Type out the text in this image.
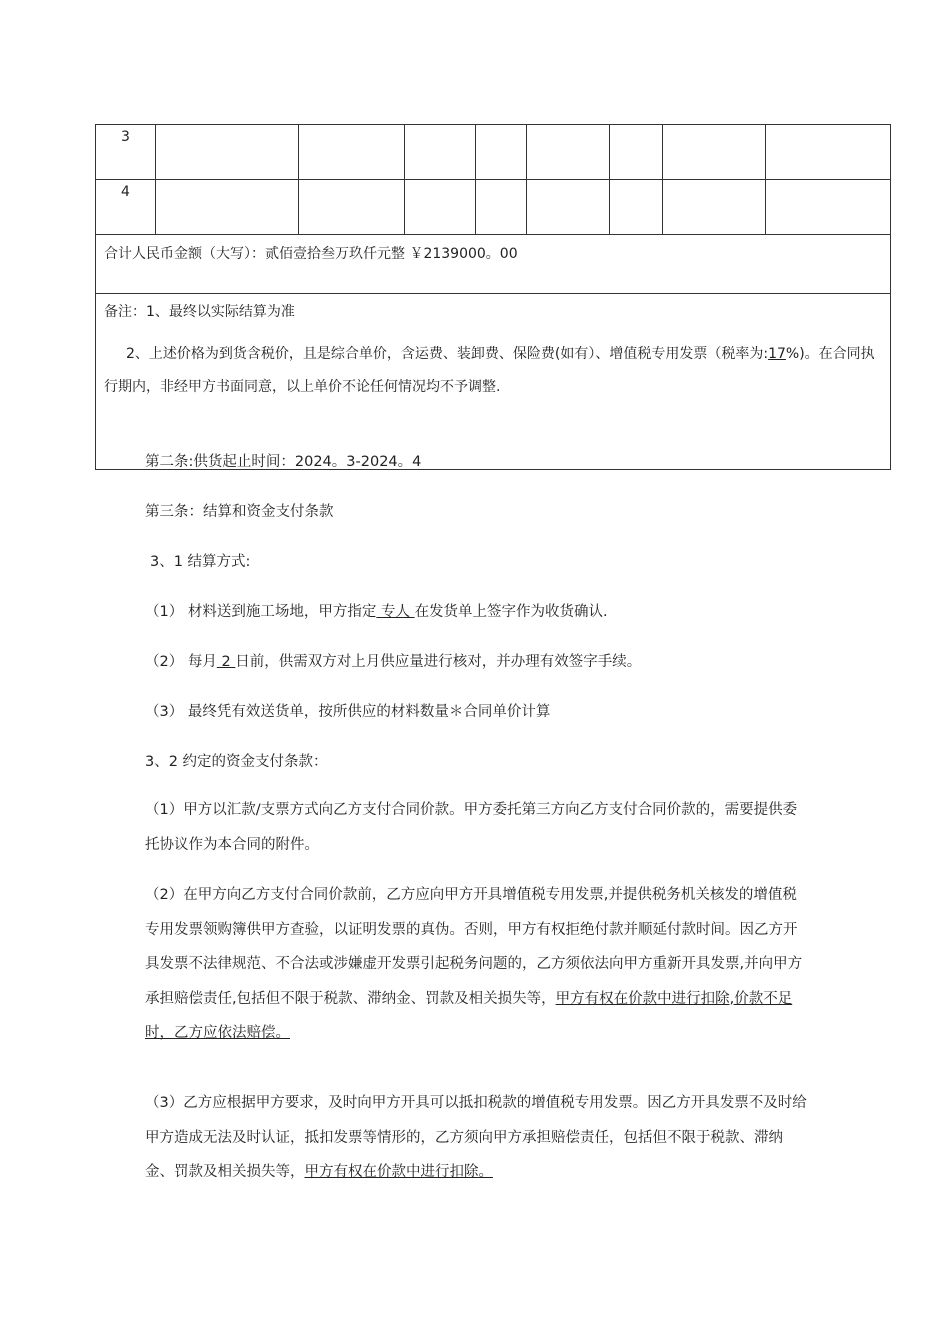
3								
4								
合计人民币金额（大写）：贰佰壹拾叁万玖仟元整 ￥2139000。00								

备注：1、最终以实际结算为准
2、上述价格为到货含税价，且是综合单价，含运费、装卸费、保险费(如有）、增值税专用发票（税率为:17%)。在合同执行期内，非经甲方书面同意，以上单价不论任何情况均不予调整.								
第二条:供货起止时间：2024。3-2024。4
第三条：结算和资金支付条款
3、1 结算方式:
（1） 材料送到施工场地，甲方指定 专人 在发货单上签字作为收货确认.
（2） 每月 2 日前，供需双方对上月供应量进行核对，并办理有效签字手续。
（3） 最终凭有效送货单，按所供应的材料数量＊合同单价计算
3、2 约定的资金支付条款：
（1）甲方以汇款/支票方式向乙方支付合同价款。甲方委托第三方向乙方支付合同价款的，需要提供委托协议作为本合同的附件。
（2）在甲方向乙方支付合同价款前，乙方应向甲方开具增值税专用发票,并提供税务机关核发的增值税专用发票领购簿供甲方查验，以证明发票的真伪。否则，甲方有权拒绝付款并顺延付款时间。因乙方开具发票不法律规范、不合法或涉嫌虚开发票引起税务问题的，乙方须依法向甲方重新开具发票,并向甲方承担赔偿责任,包括但不限于税款、滞纳金、罚款及相关损失等，甲方有权在价款中进行扣除,价款不足时，乙方应依法赔偿。
（3）乙方应根据甲方要求，及时向甲方开具可以抵扣税款的增值税专用发票。因乙方开具发票不及时给甲方造成无法及时认证，抵扣发票等情形的，乙方须向甲方承担赔偿责任，包括但不限于税款、滞纳金、罚款及相关损失等，甲方有权在价款中进行扣除。
